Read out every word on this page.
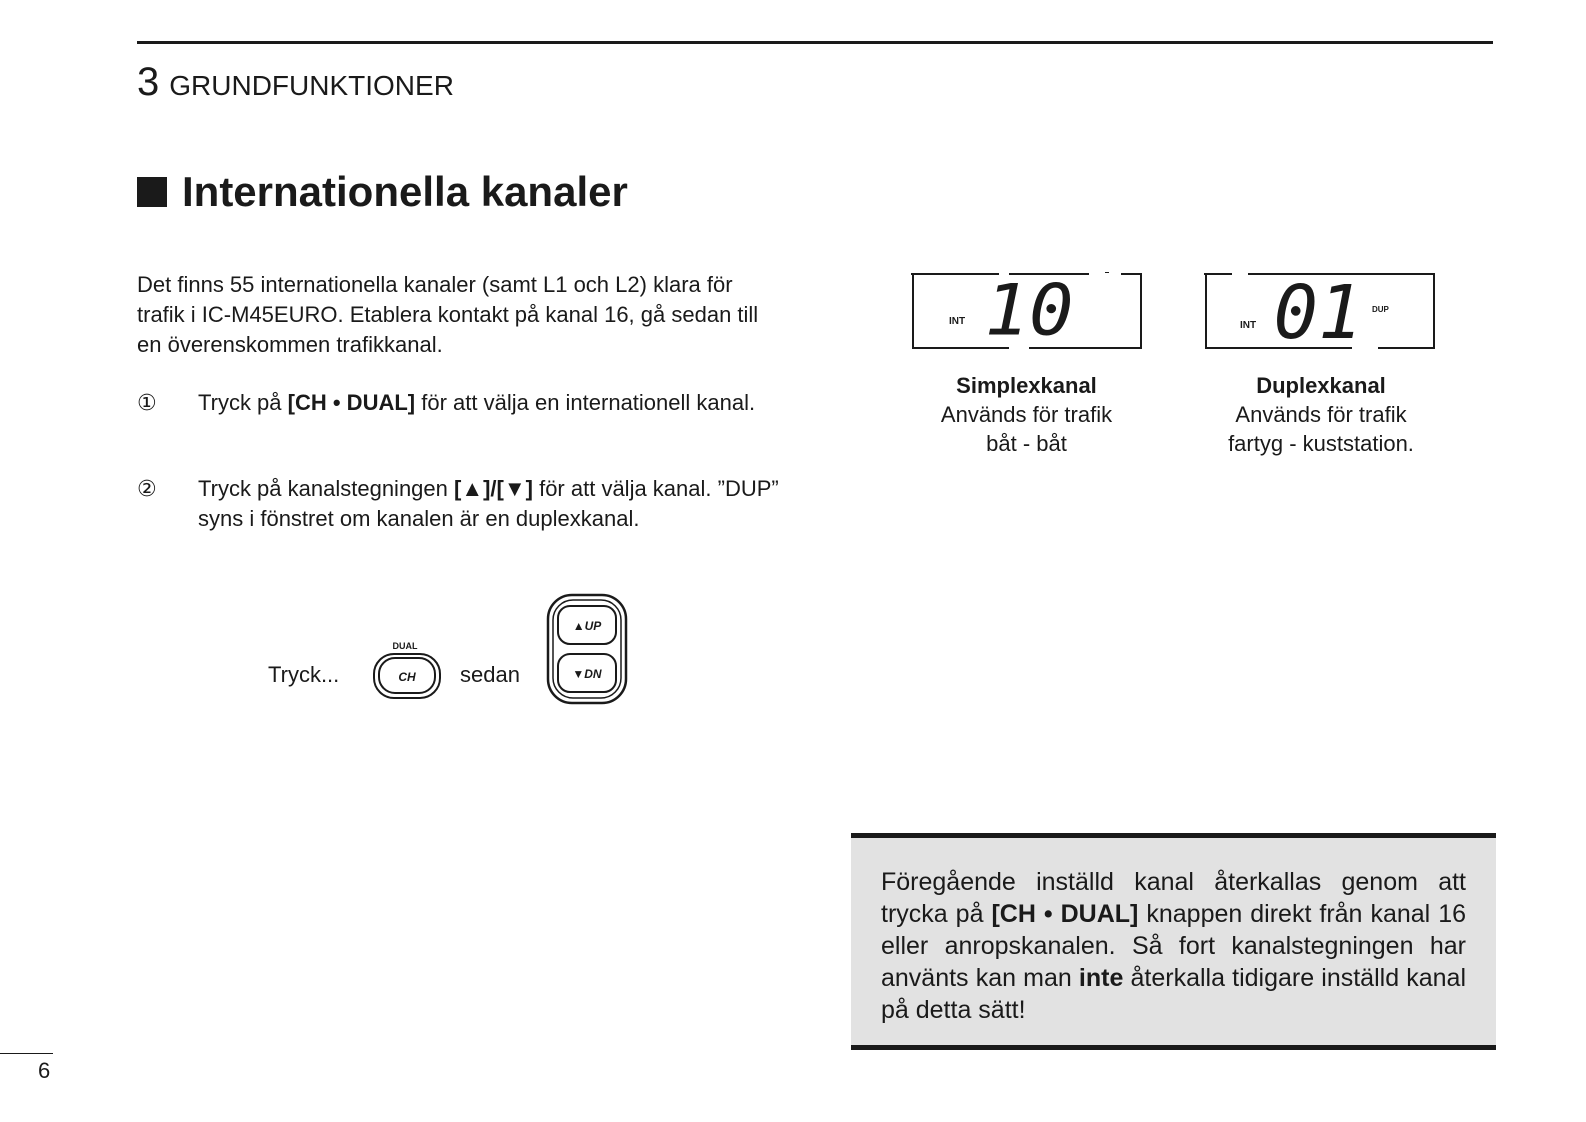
3 GRUNDFUNKTIONER
Internationella kanaler
Det finns 55 internationella kanaler (samt L1 och L2) klara för trafik i IC-M45EURO. Etablera kontakt på kanal 16, gå sedan till en överenskommen trafikkanal.
① Tryck på [CH • DUAL] för att välja en internationell kanal.
② Tryck på kanalstegningen [▲]/[▼] för att välja kanal. ”DUP” syns i fönstret om kanalen är en duplexkanal.
Tryck...
DUAL
CH sedan
▲UP
▼DN
INT 10
Simplexkanal
Används för trafik
båt - båt
INT 01 DUP
Duplexkanal
Används för trafik
fartyg - kuststation.
Föregående inställd kanal återkallas genom att trycka på [CH • DUAL] knappen direkt från kanal 16 eller anropskanalen. Så fort kanalstegningen har använts kan man inte återkalla tidigare inställd kanal på detta sätt!
6
